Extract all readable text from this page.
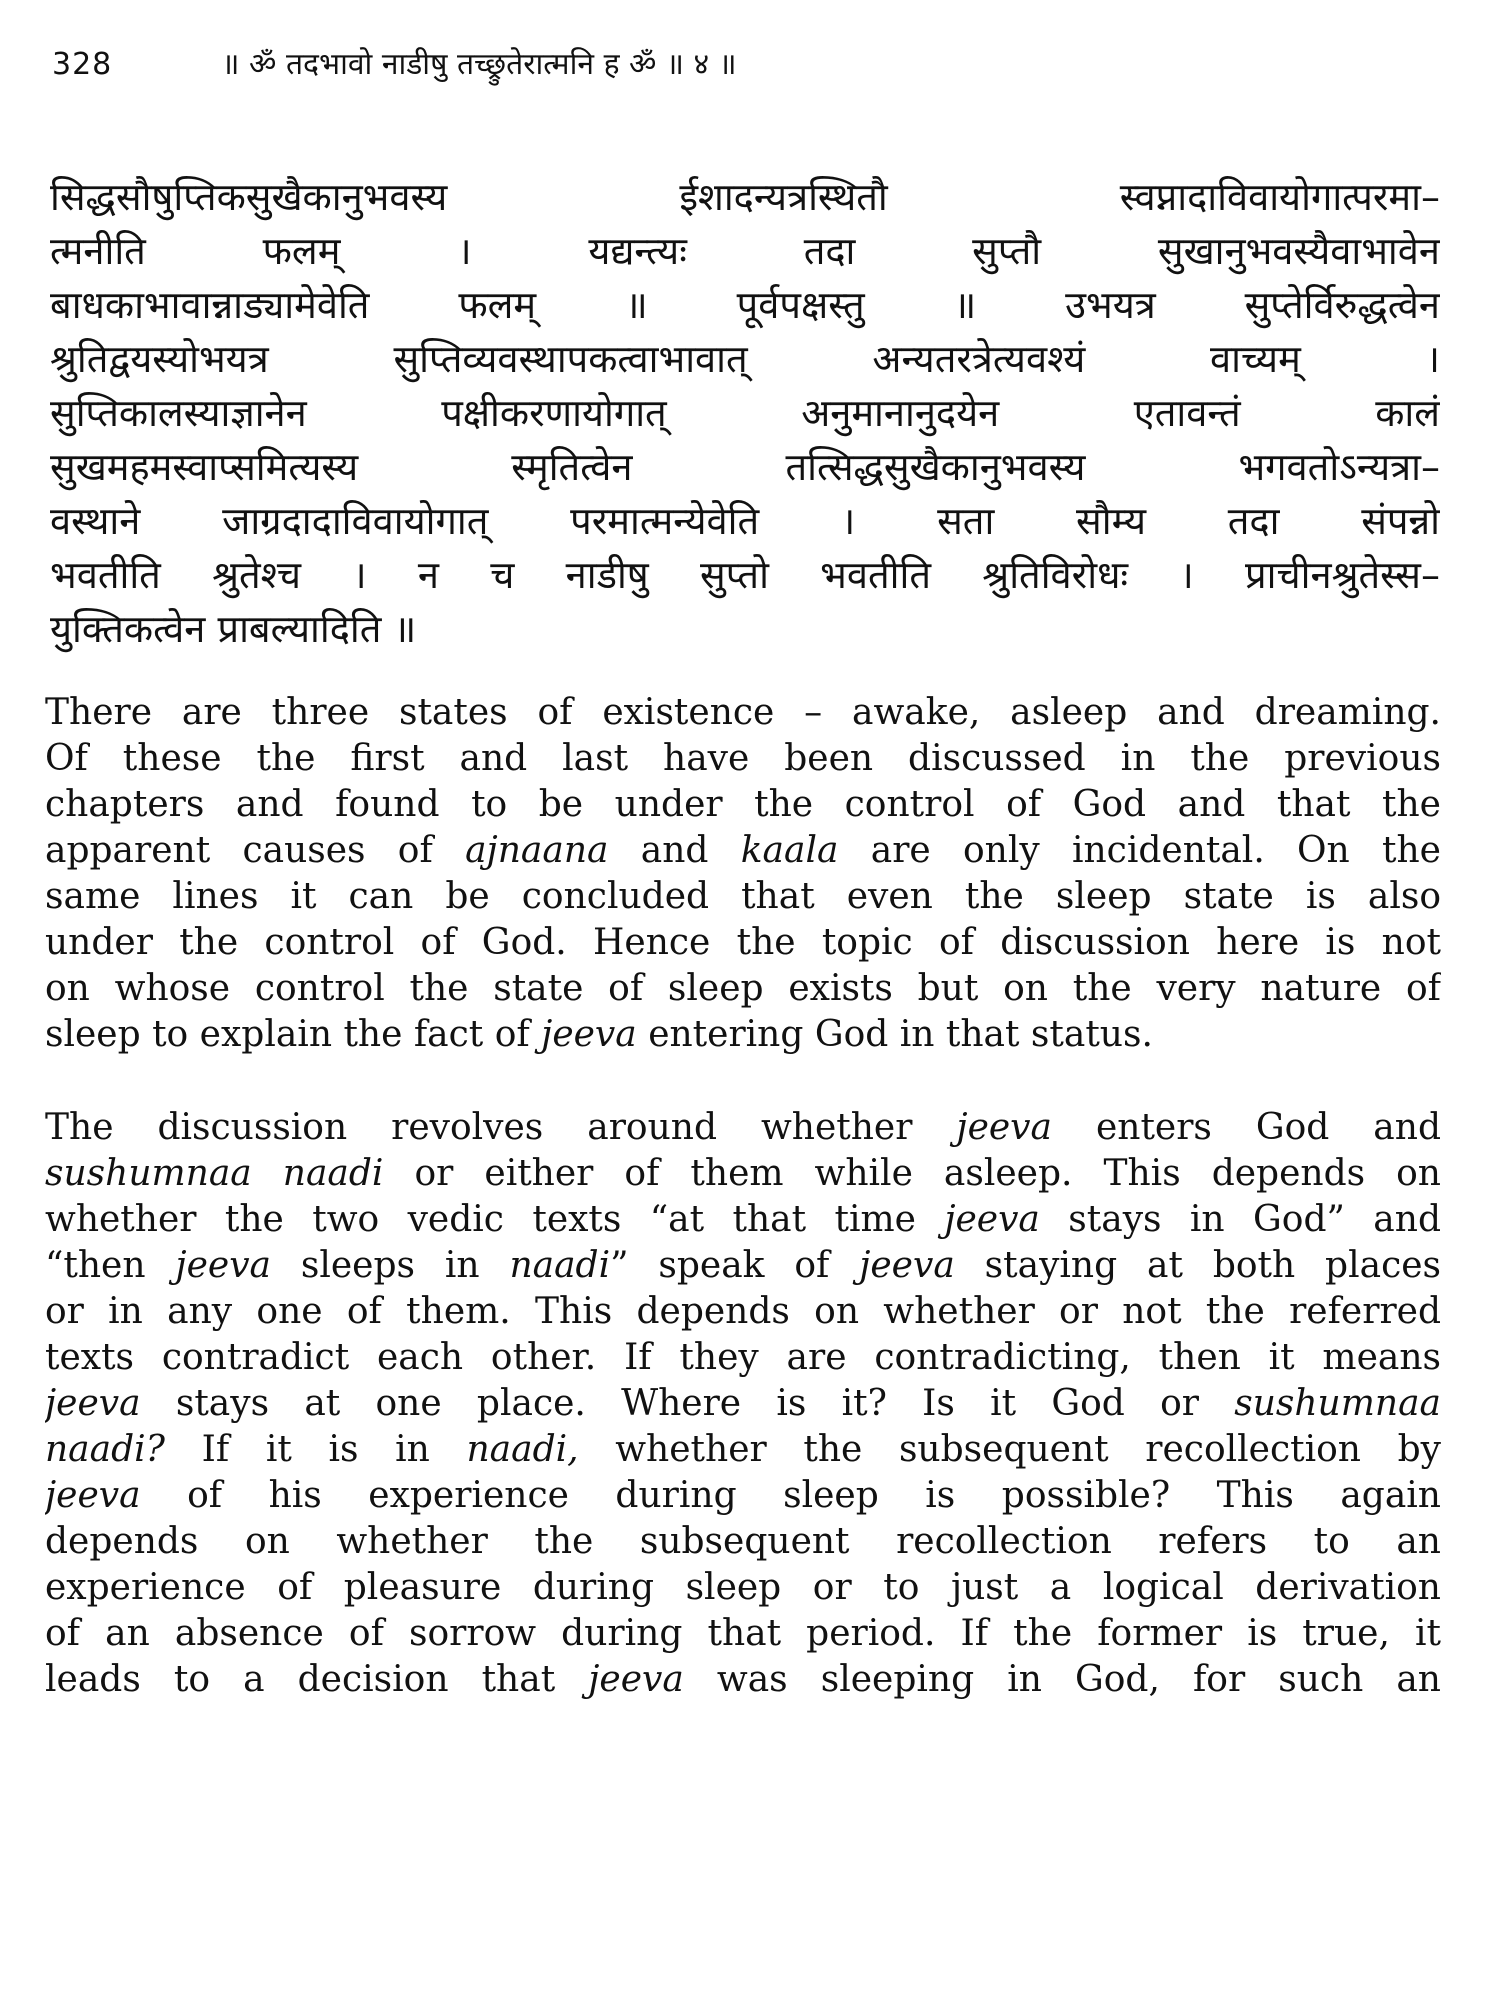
328	॥ ॐ तदभावो नाडीषु तच्छ्रुतेरात्मनि ह ॐ ॥ ४ ॥
सिद्धसौषुप्तिकसुखैकानुभवस्य ईशादन्यत्रस्थितौ स्वप्नादाविवायोगात्परमा–
त्मनीति फलम् । यद्यन्त्यः तदा सुप्तौ सुखानुभवस्यैवाभावेन
बाधकाभावान्नाड्यामेवेति फलम् ॥ पूर्वपक्षस्तु ॥ उभयत्र सुप्तेर्विरुद्धत्वेन
श्रुतिद्वयस्योभयत्र सुप्तिव्यवस्थापकत्वाभावात् अन्यतरत्रेत्यवश्यं वाच्यम् ।
सुप्तिकालस्याज्ञानेन पक्षीकरणायोगात् अनुमानानुदयेन एतावन्तं कालं
सुखमहमस्वाप्समित्यस्य स्मृतित्वेन तत्सिद्धसुखैकानुभवस्य भगवतोऽन्यत्रा–
वस्थाने जाग्रदादाविवायोगात् परमात्मन्येवेति । सता सौम्य तदा संपन्नो
भवतीति श्रुतेश्च । न च नाडीषु सुप्तो भवतीति श्रुतिविरोधः । प्राचीनश्रुतेस्स–
युक्तिकत्वेन प्राबल्यादिति ॥
There are three states of existence – awake, asleep and dreaming.
Of these the first and last have been discussed in the previous
chapters and found to be under the control of God and that the
apparent causes of ajnaana and kaala are only incidental. On the
same lines it can be concluded that even the sleep state is also
under the control of God. Hence the topic of discussion here is not
on whose control the state of sleep exists but on the very nature of
sleep to explain the fact of jeeva entering God in that status.
The discussion revolves around whether jeeva enters God and
sushumnaa naadi or either of them while asleep. This depends on
whether the two vedic texts “at that time jeeva stays in God” and
“then jeeva sleeps in naadi” speak of jeeva staying at both places
or in any one of them. This depends on whether or not the referred
texts contradict each other. If they are contradicting, then it means
jeeva stays at one place. Where is it? Is it God or sushumnaa
naadi? If it is in naadi, whether the subsequent recollection by
jeeva of his experience during sleep is possible? This again
depends on whether the subsequent recollection refers to an
experience of pleasure during sleep or to just a logical derivation
of an absence of sorrow during that period. If the former is true, it
leads to a decision that jeeva was sleeping in God, for such an
